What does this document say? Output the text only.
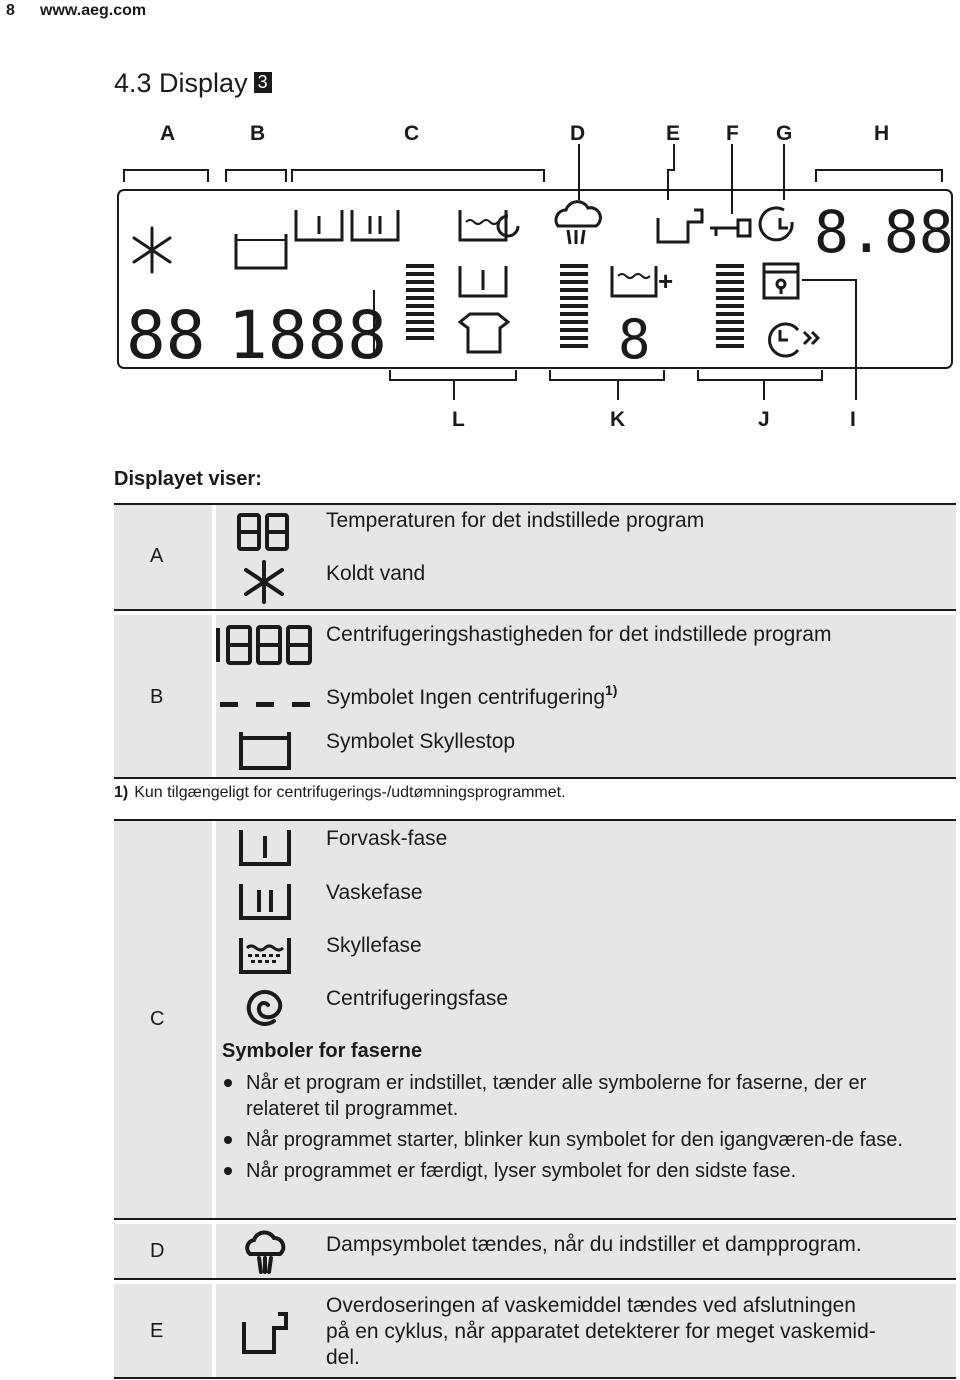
8 www.aeg.com
4.3 Display 3
A	B	C	D	E F G	H
L	K	J	I
88 1888
8.88
8
+
Displayet viser:
A
Temperaturen for det indstillede program
Koldt vand
B
Centrifugeringshastigheden for det indstillede program
Symbolet Ingen centrifugering$^{1)}$
Symbolet Skyllestop
1) Kun tilgængeligt for centrifugerings-/udtømningsprogrammet.
C
Forvask-fase
Vaskefase
Skyllefase
Centrifugeringsfase
Symboler for faserne
Når et program er indstillet, tænder alle symbolerne for faserne, der er relateret til programmet.
Når programmet starter, blinker kun symbolet for den igangværen-de fase.
Når programmet er færdigt, lyser symbolet for den sidste fase.
D	Dampsymbolet tændes, når du indstiller et dampprogram.
E
Overdoseringen af vaskemiddel tændes ved afslutningen
på en cyklus, når apparatet detekterer for meget vaskemid-
del.
